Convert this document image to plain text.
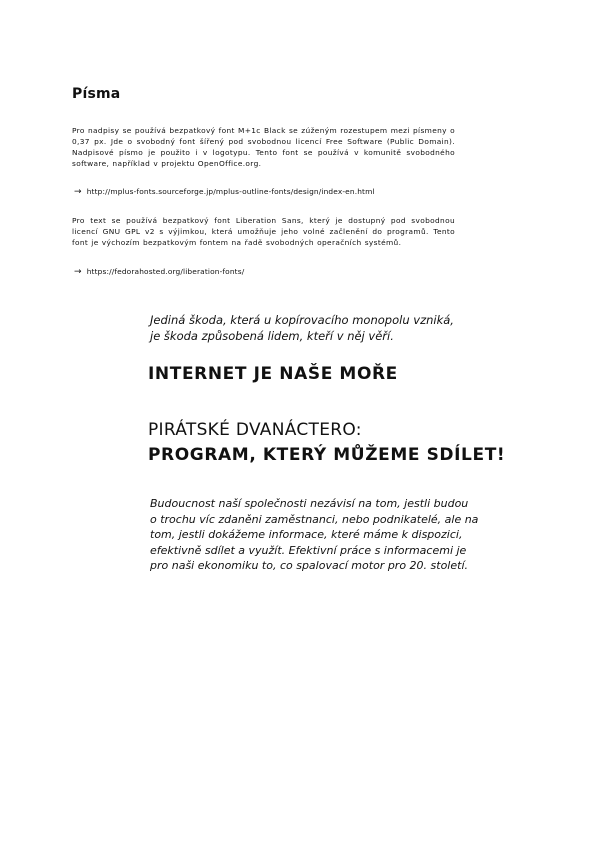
Písma

Pro nadpisy se používá bezpatkový font M+1c Black se zúženým rozestupem mezi písmeny o 0,37 px. Jde o svobodný font šířený pod svobodnou licencí Free Software (Public Domain). Nadpisové písmo je použito i v logotypu. Tento font se používá v komunitě svobodného software, například v projektu OpenOffice.org.

→ http://mplus-fonts.sourceforge.jp/mplus-outline-fonts/design/index-en.html

Pro text se používá bezpatkový font Liberation Sans, který je dostupný pod svobodnou licencí GNU GPL v2 s výjimkou, která umožňuje jeho volné začlenění do programů. Tento font je výchozím bezpatkovým fontem na řadě svobodných operačních systémů.

→ https://fedorahosted.org/liberation-fonts/

Jediná škoda, která u kopírovacího monopolu vzniká,
je škoda způsobená lidem, kteří v něj věří.

INTERNET JE NAŠE MOŘE
PIRÁTSKÉ DVANÁCTERO:
PROGRAM, KTERÝ MŮŽEME SDÍLET!

Budoucnost naší společnosti nezávisí na tom, jestli budou
o trochu víc zdaněni zaměstnanci, nebo podnikatelé, ale na
tom, jestli dokážeme informace, které máme k dispozici,
efektivně sdílet a využít. Efektivní práce s informacemi je
pro naši ekonomiku to, co spalovací motor pro 20. století.
